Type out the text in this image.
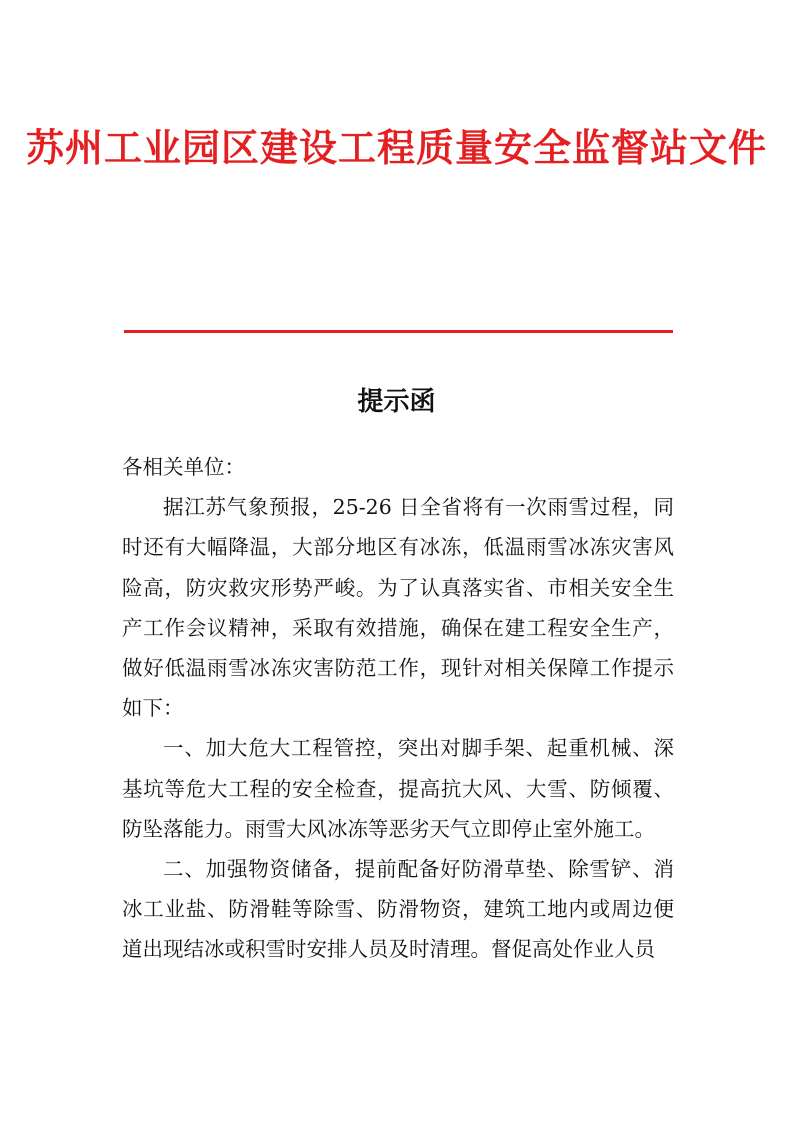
苏州工业园区建设工程质量安全监督站文件
提示函

各相关单位：

据江苏气象预报，25-26 日全省将有一次雨雪过程，同时还有大幅降温，大部分地区有冰冻，低温雨雪冰冻灾害风险高，防灾救灾形势严峻。为了认真落实省、市相关安全生产工作会议精神，采取有效措施，确保在建工程安全生产，做好低温雨雪冰冻灾害防范工作，现针对相关保障工作提示如下：

一、加大危大工程管控，突出对脚手架、起重机械、深基坑等危大工程的安全检查，提高抗大风、大雪、防倾覆、防坠落能力。雨雪大风冰冻等恶劣天气立即停止室外施工。

二、加强物资储备，提前配备好防滑草垫、除雪铲、消冰工业盐、防滑鞋等除雪、防滑物资，建筑工地内或周边便道出现结冰或积雪时安排人员及时清理。督促高处作业人员
